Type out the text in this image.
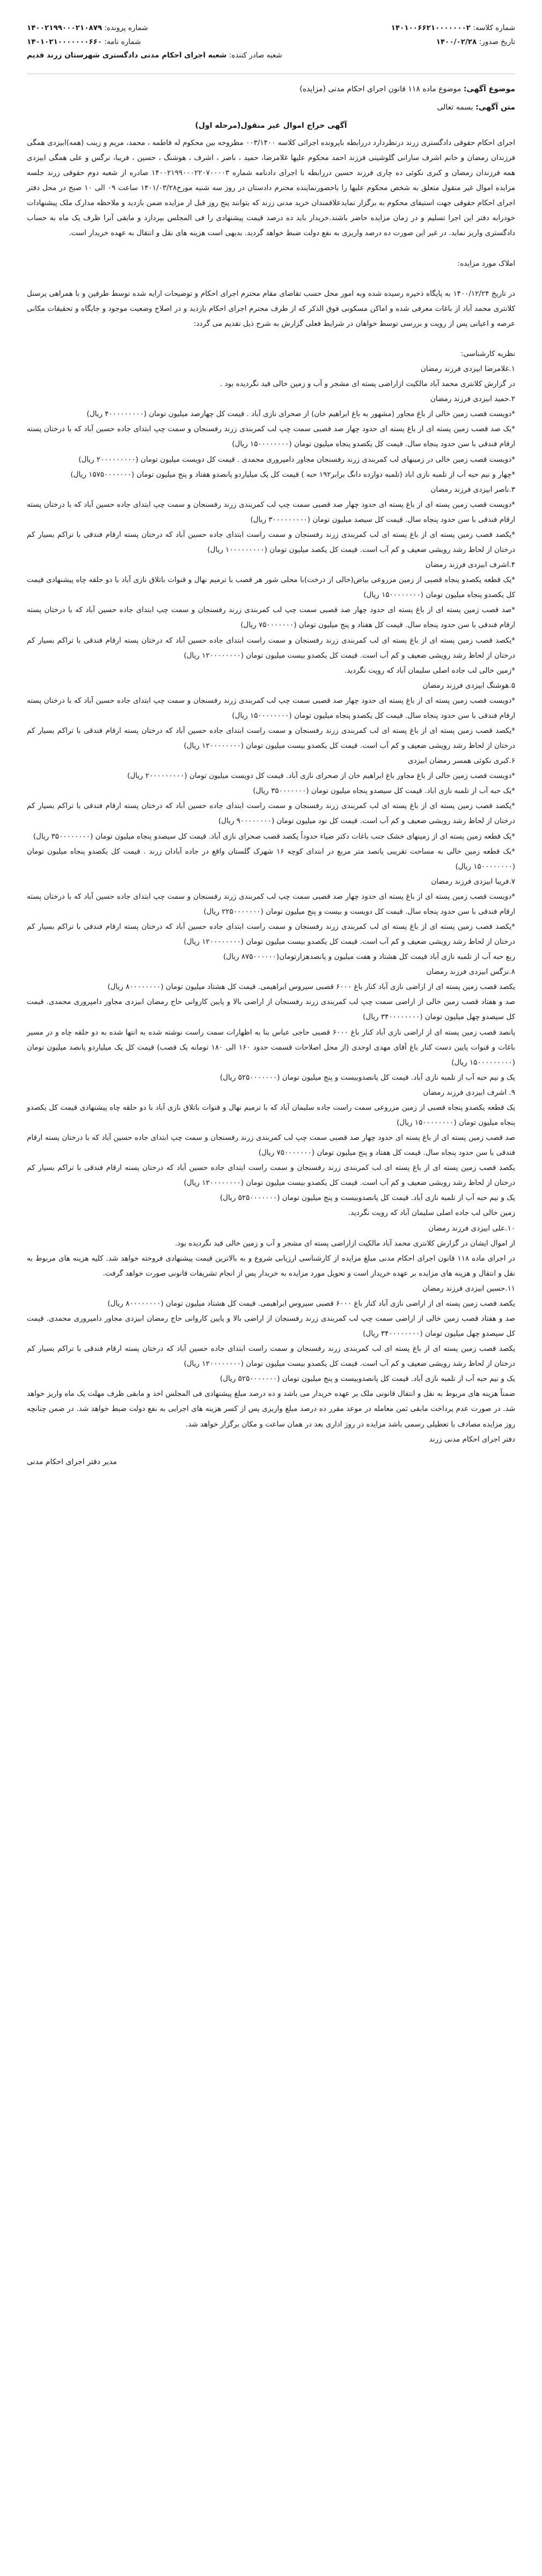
شماره کلاسه: ۱۴۰۱۰۰۶۶۲۱۰۰۰۰۰۰۰۲
تاریخ صدور: ۱۴۰۰/۰۲/۲۸
شماره پرونده: ۱۴۰۰۲۱۹۹۰۰۰۲۱۰۸۷۹
شماره نامه: ۱۴۰۱۰۲۱۰۰۰۰۰۰۰۶۶۰
شعبه صادر کننده: شعبه اجرای احکام مدنی دادگستری شهرستان زرند قدیم
موضوع آگهی: موضوع ماده ۱۱۸ قانون اجرای احکام مدنی (مزایده)
متن آگهی: بسمه تعالی
آگهی حراج اموال غیر منقول(مرحله اول)
اجرای احکام حقوقی دادگستری زرند درنظردارد دررابطه باپرونده اجرائی کلاسه ۰۰۳/۱۴۰۰ مطروحه بین محکوم له فاطمه ، محمد، مریم و زینب (همه)ابیزدی همگی فرزندان رمضان و خانم اشرف سارانی گلوشینی فرزند احمد محکوم علیها غلامرضا، حمید ، ناصر ، اشرف ، هوشنگ ، حسین ، فریبا، نرگس و علی همگی ابیزدی همه فرزندان رمضان و کبری نکوئی ده چاری فرزند حسین دررابطه با اجرای دادنامه شماره ۱۴۰۰۲۱۹۹۰۰۰۲۲۰۷۰۰۰۰۳ صادره از شعبه دوم حقوقی زرند جلسه مزایده اموال غیر منقول متعلق به شخص محکوم علیها را باحضورنماینده محترم دادستان در روز سه شنبه مورخ۱۴۰۱/۰۳/۲۸ ساعت ۰۹ الی ۱۰ صبح در محل دفتر اجرای احکام حقوقی جهت استیفای محکوم به برگزار نمایدعلاقمندان خرید مدنی زرند که بتوانند پنج روز قبل از مزایده ضمن بازدید و ملاحظه مدارک ملک پیشنهادات خودرابه دفتر این اجرا تسلیم و در زمان مزایده حاضر باشند.خریدار باید ده درصد قیمت پیشنهادی را فی المجلس بپردازد و مابقی آنرا ظرف یک ماه به حساب دادگستری واریز نماید. در غیر این صورت ده درصد واریزی به نفع دولت ضبط خواهد گردید. بدیهی است هزینه های نقل و انتقال به عهده خریدار است.

املاک مورد مزایده:

در تاریخ ۱۴۰۰/۱۲/۲۴ به پایگاه ذخیره رسیده شده وبه امور محل حسب تقاضای مقام محترم اجرای احکام و توضیحات ارایه شده توسط طرفین و با همراهی پرسنل کلانتری محمد آباد از باغات معرفی شده و اماکن مسکونی فوق الذکر که از طرف محترم اجرای احکام بازدید و در اصلاح وضعیت موجود و جایگاه و تحقیقات مکانی عرصه و اعیانی پس از رویت و بررسی توسط خواهان در شرایط فعلی گزارش به شرح ذیل تقدیم می گردد:

نظریه کارشناسی:
۱.غلامرضا ابیزدی فرزند رمضان
در گزارش کلانتری محمد آباد مالکیت ازاراضی پسته ای مشجر و آب و زمین خالی قید نگردیده بود .
۲.حمید ابیزدی فرزند رمضان
*دویست قصب زمین خالی از باغ مجاور (مشهور به باغ ابراهیم خان) از صحرای نازی آباد . قیمت کل چهارصد میلیون تومان (۴۰۰۰۰۰۰۰۰۰ ریال)
*یک صد قصب زمین پسته ای از باغ پسته ای حدود چهار صد قصبی سمت چپ لب کمربندی زرند رفسنجان و سمت چپ ابتدای جاده حسین آباد که با درختان پسته ارقام فندقی با سن حدود پنجاه سال. قیمت کل یکصدو پنجاه میلیون تومان (۱۵۰۰۰۰۰۰۰۰ ریال)
*دویست قصب زمین خالی در زمینهای لب کمربندی زرند رفسنجان مجاور دامپروری محمدی . قیمت کل دویست میلیون تومان (۲۰۰۰۰۰۰۰۰۰ ریال)
*چهار و نیم حبه آب از تلمبه نازی اباد (تلمبه دوازده دانگ برابر۱۹۲ حبه ) قیمت کل یک میلیاردو پانصدو هفتاد و پنج میلیون تومان (۱۵۷۵۰۰۰۰۰۰۰ ریال)
۳.ناصر ابیزدی فرزند رمضان
*دویست قصب زمین پسته ای از باغ پسته ای حدود چهار صد قصبی سمت چپ لب کمربندی زرند رفسنجان و سمت چپ ابتدای جاده حسین آباد که با درختان پسته ارقام فندقی با سن حدود پنجاه سال. قیمت کل سیصد میلیون تومان (۳۰۰۰۰۰۰۰۰۰ ریال)
*یکصد قصب زمین پسته ای از باغ پسته ای لب کمربندی زرند رفسنجان و سمت راست ابتدای جاده حسین آباد که درختان پسته ارقام فندقی با تراکم بسیار کم درختان از لحاظ رشد رویشی ضعیف و کم آب است. قیمت کل یکصد میلیون تومان (۱۰۰۰۰۰۰۰۰۰ ریال)
۴.اشرف ابیزدی فرزند رمضان
*یک قطعه یکصدو پنجاه قصبی از زمین مزروعی بیاض(خالی از درخت)با محلی شور هر قصب با ترمیم نهال و قنوات باتلاق نازی آباد با دو حلقه چاه پیشنهادی قیمت کل یکصدو پنجاه میلیون تومان (۱۵۰۰۰۰۰۰۰۰ ریال)
*صد قصب زمین پسته ای از باغ پسته ای حدود چهار صد قصبی سمت چپ لب کمربندی زرند رفسنجان و سمت چپ ابتدای جاده حسین آباد که با درختان پسته ارقام فندقی با سن حدود پنجاه سال. قیمت کل هفتاد و پنج میلیون تومان (۷۵۰۰۰۰۰۰۰ ریال)
*یکصد قصب زمین پسته ای از باغ پسته ای لب کمربندی زرند رفسنجان و سمت راست ابتدای جاده حسین آباد که درختان پسته ارقام فندقی با تراکم بسیار کم درختان از لحاظ رشد رویشی ضعیف و کم آب است. قیمت کل یکصدو بیست میلیون تومان (۱۲۰۰۰۰۰۰۰۰ ریال)
*زمین خالی لب جاده اصلی سلیمان آباد که رویت نگردید.
۵.هوشنگ ابیزدی فرزند رمضان
*دویست قصب زمین پسته ای از باغ پسته ای حدود چهار صد قصبی سمت چپ لب کمربندی زرند رفسنجان و سمت چپ ابتدای جاده حسین آباد که با درختان پسته ارقام فندقی با سن حدود پنجاه سال. قیمت کل یکصدو پنجاه میلیون تومان (۱۵۰۰۰۰۰۰۰۰ ریال)
*یکصد قصب زمین پسته ای از باغ پسته ای لب کمربندی زرند رفسنجان و سمت راست ابتدای جاده حسین آباد که درختان پسته ارقام فندقی با تراکم بسیار کم درختان از لحاظ رشد رویشی ضعیف و کم آب است. قیمت کل یکصدو بیست میلیون تومان (۱۲۰۰۰۰۰۰۰۰ ریال)
۶.کبری نکوئی همسر رمضان ابیزدی
*دویست قصب زمین خالی از باغ مجاور باغ ابراهیم خان از صحرای نازی آباد. قیمت کل دویست میلیون تومان (۲۰۰۰۰۰۰۰۰۰ ریال)
*یک حبه آب از تلمبه نازی اباد. قیمت کل سیصدو پنجاه میلیون تومان (۳۵۰۰۰۰۰۰۰ ریال)
*یکصد قصب زمین پسته ای از باغ پسته ای لب کمربندی زرند رفسنجان و سمت راست ابتدای جاده حسین آباد که درختان پسته ارقام فندقی با تراکم بسیار کم درختان از لحاظ رشد رویشی ضعیف و کم آب است. قیمت کل نود میلیون تومان (۹۰۰۰۰۰۰۰۰ ریال)
*یک قطعه زمین پسته ای از زمینهای خشک جنب باغات دکتر ضیاء حدوداً یکصد قصب صحرای نازی آباد. قیمت کل سیصدو پنجاه میلیون تومان (۳۵۰۰۰۰۰۰۰۰ ریال)
*یک قطعه زمین خالی به مساحت تقریبی پانصد متر مربع در ابتدای کوچه ۱۶ شهرک گلستان واقع در جاده آبادان زرند . قیمت کل یکصدو پنجاه میلیون تومان (۱۵۰۰۰۰۰۰۰۰ ریال)
۷.فریبا ابیزدی فرزند رمضان
*دویست قصب زمین پسته ای از باغ پسته ای حدود چهار صد قصبی سمت چپ لب کمربندی زرند رفسنجان و سمت چپ ابتدای جاده حسین آباد که با درختان پسته ارقام فندقی با سن حدود پنجاه سال. قیمت کل دویست و بیست و پنج میلیون تومان (۲۲۵۰۰۰۰۰۰۰ ریال)
*یکصد قصب زمین پسته ای از باغ پسته ای لب کمربندی زرند رفسنجان و سمت راست ابتدای جاده حسین آباد که درختان پسته ارقام فندقی با تراکم بسیار کم درختان از لحاظ رشد رویشی ضعیف و کم آب است. قیمت کل یکصدو بیست میلیون تومان (۱۲۰۰۰۰۰۰۰۰ ریال)
ربع حبه آب از تلمبه نازی آباد قیمت کل هشتاد و هفت میلیون و پانصدهزارتومان(۸۷۵۰۰۰۰۰۰ ریال)
۸.نرگس ابیزدی فرزند رمضان
یکصد قصب زمین پسته ای از اراضی نازی آباد کنار باغ ۶۰۰۰ قصبی سیروس ابراهیمی. قیمت کل هشتاد میلیون تومان (۸۰۰۰۰۰۰۰۰ ریال)
صد و هفتاد قصب زمین خالی از اراضی سمت چپ لب کمربندی زرند رفسنجان از اراضی بالا و پایین کاروانی حاج رمضان ابیزدی مجاور دامپروری محمدی. قیمت کل سیصدو چهل میلیون تومان (۳۴۰۰۰۰۰۰۰۰ ریال)
پانصد قصب زمین پسته ای از اراضی نازی آباد کنار باغ ۶۰۰۰ قصبی حاجی عباس بنا به اظهارات سمت راست نوشته شده به انتها شده به دو حلقه چاه و در مسیر باغات و قنوات پایین دست کنار باغ آقای مهدی اوحدی (از محل اصلاحات قسمت حدود ۱۶۰ الی ۱۸۰ تومانه یک قصب) قیمت کل یک میلیاردو پانصد میلیون تومان (۱۵۰۰۰۰۰۰۰۰۰ ریال)
یک و نیم حبه آب از تلمبه نازی آباد. قیمت کل پانصدوبیست و پنج میلیون تومان (۵۲۵۰۰۰۰۰۰۰ ریال)
۹. اشرف ابیزدی فرزند رمضان
یک قطعه یکصدو پنجاه قصبی از زمین مزروعی سمت راست جاده سلیمان آباد که با ترمیم نهال و قنوات باتلاق نازی آباد با دو حلقه چاه پیشنهادی قیمت کل یکصدو پنجاه میلیون تومان (۱۵۰۰۰۰۰۰۰۰ ریال)
صد قصب زمین پسته ای از باغ پسته ای حدود چهار صد قصبی سمت چپ لب کمربندی زرند رفسنجان و سمت چپ ابتدای جاده حسین آباد که با درختان پسته ارقام فندقی با سن حدود پنجاه سال. قیمت کل هفتاد و پنج میلیون تومان (۷۵۰۰۰۰۰۰۰ ریال)
یکصد قصب زمین پسته ای از باغ پسته ای لب کمربندی زرند رفسنجان و سمت راست ابتدای جاده حسین آباد که درختان پسته ارقام فندقی با تراکم بسیار کم درختان از لحاظ رشد رویشی ضعیف و کم آب است. قیمت کل یکصدو بیست میلیون تومان (۱۲۰۰۰۰۰۰۰۰ ریال)
یک و نیم حبه آب از تلمبه نازی آباد. قیمت کل پانصدوبیست و پنج میلیون تومان (۵۲۵۰۰۰۰۰۰۰ ریال)
زمین خالی لب جاده اصلی سلیمان آباد که رویت نگردید.
۱۰.علی ابیزدی فرزند رمضان
از اموال ایشان در گزارش کلانتری محمد آباد مالکیت ازاراضی پسته ای مشجر و آب و زمین خالی قید نگردیده بود.
در اجرای ماده ۱۱۸ قانون اجرای احکام مدنی مبلغ مزایده از کارشناسی ارزیابی شروع و به بالاترین قیمت پیشنهادی فروخته خواهد شد. کلیه هزینه های مربوط به نقل و انتقال و هزینه های مزایده بر عهده خریدار است و تحویل مورد مزایده به خریدار پس از انجام تشریفات قانونی صورت خواهد گرفت.
۱۱.حسین ابیزدی فرزند رمضان
یکصد قصب زمین پسته ای از اراضی نازی آباد کنار باغ ۶۰۰۰ قصبی سیروس ابراهیمی. قیمت کل هشتاد میلیون تومان (۸۰۰۰۰۰۰۰۰ ریال)
صد و هفتاد قصب زمین خالی از اراضی سمت چپ لب کمربندی زرند رفسنجان از اراضی بالا و پایین کاروانی حاج رمضان ابیزدی مجاور دامپروری محمدی. قیمت کل سیصدو چهل میلیون تومان (۳۴۰۰۰۰۰۰۰۰ ریال)
یکصد قصب زمین پسته ای از باغ پسته ای لب کمربندی زرند رفسنجان و سمت راست ابتدای جاده حسین آباد که درختان پسته ارقام فندقی با تراکم بسیار کم درختان از لحاظ رشد رویشی ضعیف و کم آب است. قیمت کل یکصدو بیست میلیون تومان (۱۲۰۰۰۰۰۰۰۰ ریال)
یک و نیم حبه آب از تلمبه نازی آباد. قیمت کل پانصدوبیست و پنج میلیون تومان (۵۲۵۰۰۰۰۰۰۰ ریال)
ضمناً هزینه های مربوط به نقل و انتقال قانونی ملک بر عهده خریدار می باشد و ده درصد مبلغ پیشنهادی فی المجلس اخذ و مابقی ظرف مهلت یک ماه واریز خواهد شد. در صورت عدم پرداخت مابقی ثمن معامله در موعد مقرر ده درصد مبلغ واریزی پس از کسر هزینه های اجرایی به نفع دولت ضبط خواهد شد. در ضمن چنانچه روز مزایده مصادف با تعطیلی رسمی باشد مزایده در روز اداری بعد در همان ساعت و مکان برگزار خواهد شد.
دفتر اجرای احکام مدنی زرند
مدیر دفتر اجرای احکام مدنی
